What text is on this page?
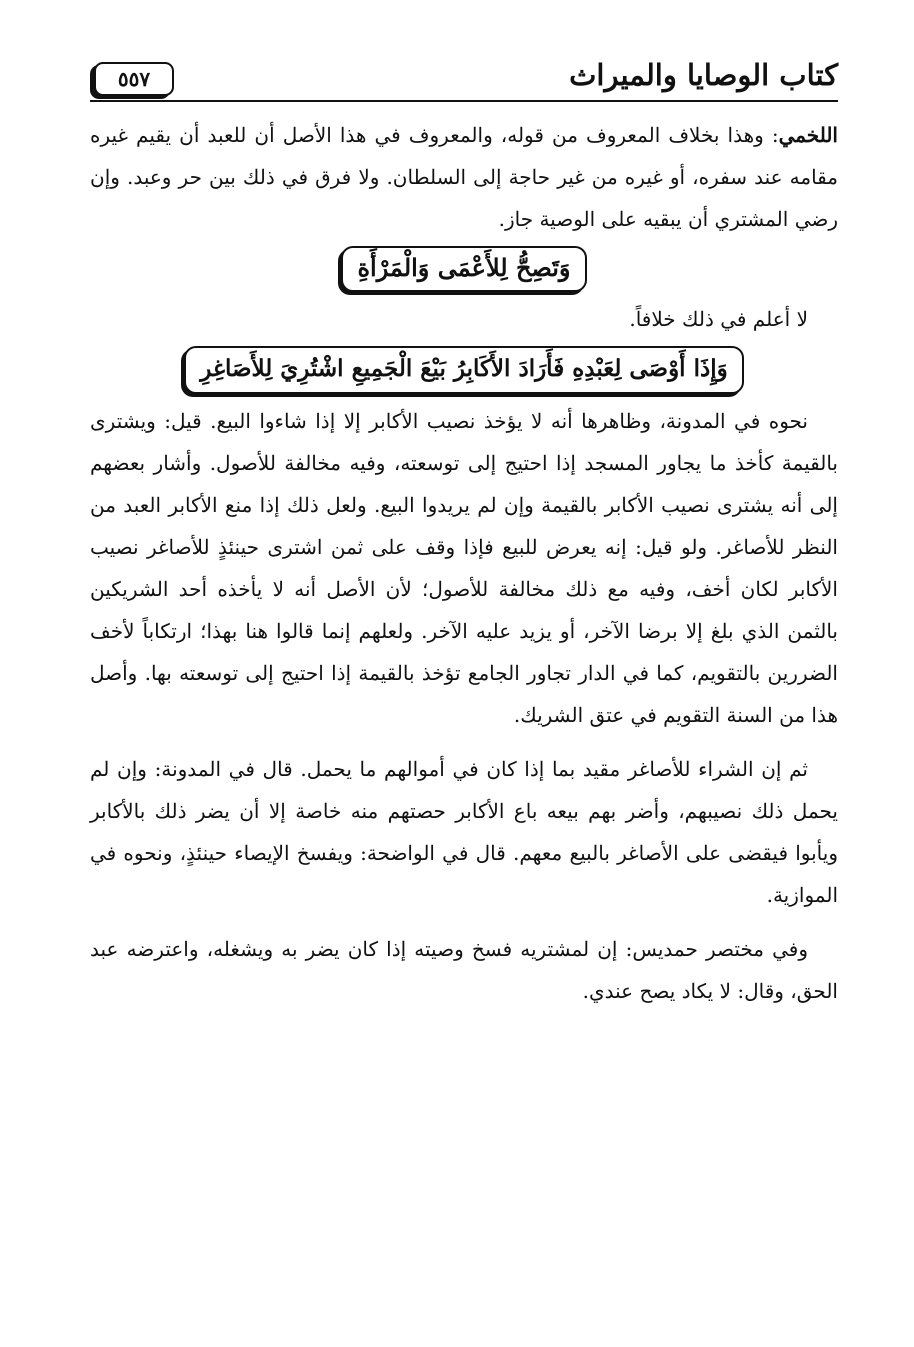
كتاب الوصايا والميراث
٥٥٧

اللخمي: وهذا بخلاف المعروف من قوله، والمعروف في هذا الأصل أن للعبد أن يقيم غيره مقامه عند سفره، أو غيره من غير حاجة إلى السلطان. ولا فرق في ذلك بين حر وعبد. وإن رضي المشتري أن يبقيه على الوصية جاز.

وَتَصِحُّ لِلأَعْمَى وَالْمَرْأَةِ

لا أعلم في ذلك خلافاً.

وَإِذَا أَوْصَى لِعَبْدِهِ فَأَرَادَ الأَكَابِرُ بَيْعَ الْجَمِيعِ اشْتُرِيَ لِلأَصَاغِرِ

نحوه في المدونة، وظاهرها أنه لا يؤخذ نصيب الأكابر إلا إذا شاءوا البيع. قيل: ويشترى بالقيمة كأخذ ما يجاور المسجد إذا احتيج إلى توسعته، وفيه مخالفة للأصول. وأشار بعضهم إلى أنه يشترى نصيب الأكابر بالقيمة وإن لم يريدوا البيع. ولعل ذلك إذا منع الأكابر العبد من النظر للأصاغر. ولو قيل: إنه يعرض للبيع فإذا وقف على ثمن اشترى حينئذٍ للأصاغر نصيب الأكابر لكان أخف، وفيه مع ذلك مخالفة للأصول؛ لأن الأصل أنه لا يأخذه أحد الشريكين بالثمن الذي بلغ إلا برضا الآخر، أو يزيد عليه الآخر. ولعلهم إنما قالوا هنا بهذا؛ ارتكاباً لأخف الضررين بالتقويم، كما في الدار تجاور الجامع تؤخذ بالقيمة إذا احتيج إلى توسعته بها. وأصل هذا من السنة التقويم في عتق الشريك.

ثم إن الشراء للأصاغر مقيد بما إذا كان في أموالهم ما يحمل. قال في المدونة: وإن لم يحمل ذلك نصيبهم، وأضر بهم بيعه باع الأكابر حصتهم منه خاصة إلا أن يضر ذلك بالأكابر ويأبوا فيقضى على الأصاغر بالبيع معهم. قال في الواضحة: ويفسخ الإيصاء حينئذٍ، ونحوه في الموازية.

وفي مختصر حمديس: إن لمشتريه فسخ وصيته إذا كان يضر به ويشغله، واعترضه عبد الحق، وقال: لا يكاد يصح عندي.
